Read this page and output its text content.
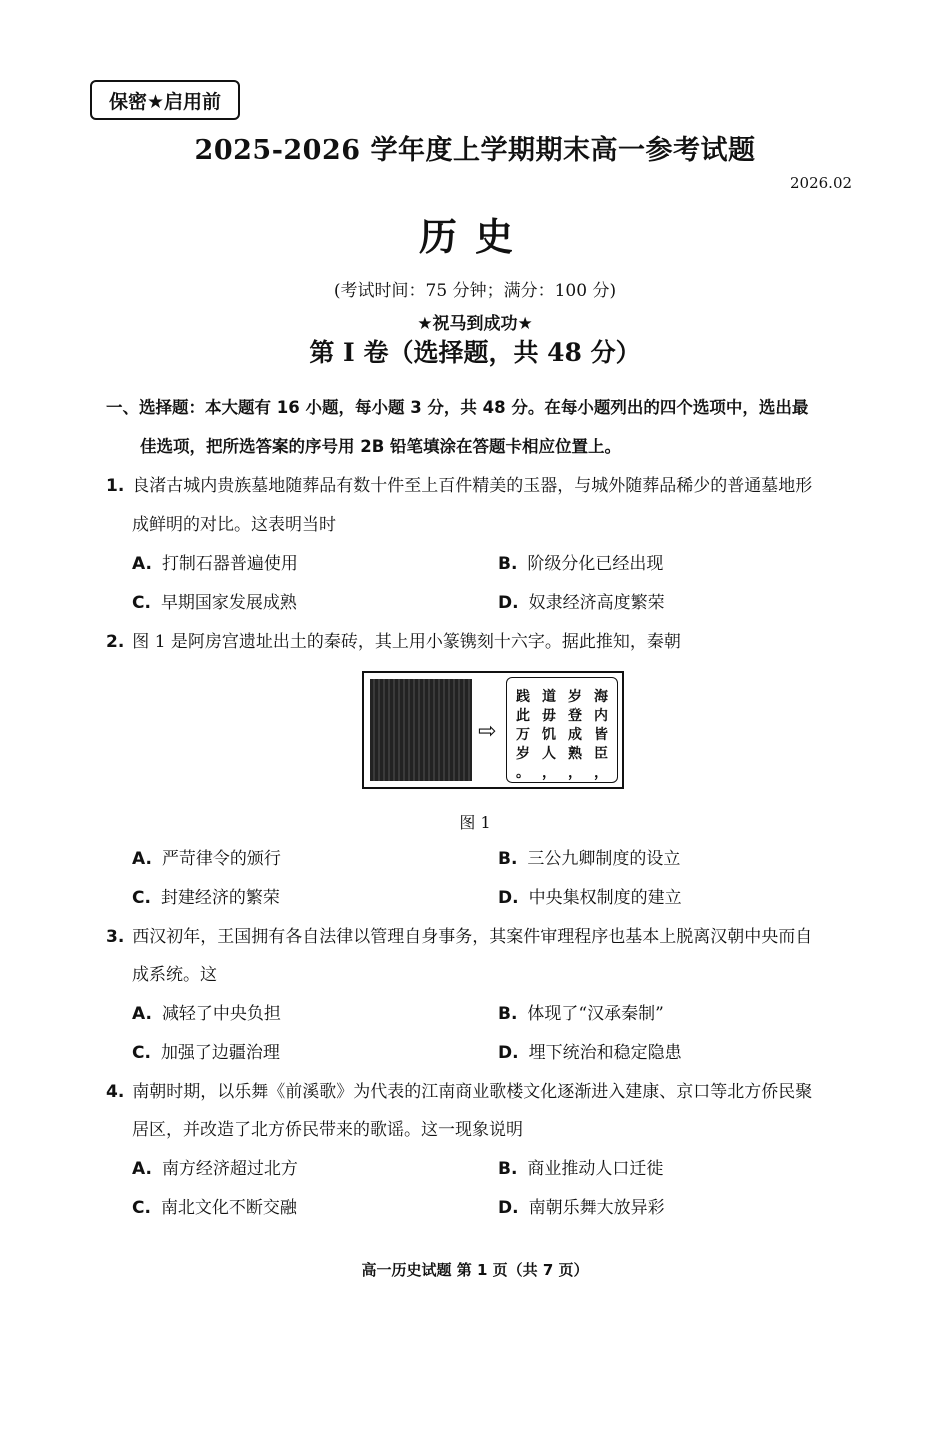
保密★启用前
2025-2026 学年度上学期期末高一参考试题
2026.02
历史
(考试时间：75 分钟；满分：100 分)
★祝马到成功★
第 I 卷（选择题，共 48 分）
一、选择题：本大题有 16 小题，每小题 3 分，共 48 分。在每小题列出的四个选项中，选出最
佳选项，把所选答案的序号用 2B 铅笔填涂在答题卡相应位置上。
1. 良渚古城内贵族墓地随葬品有数十件至上百件精美的玉器，与城外随葬品稀少的普通墓地形
成鲜明的对比。这表明当时
A. 打制石器普遍使用	B. 阶级分化已经出现
C. 早期国家发展成熟	D. 奴隶经济高度繁荣
2. 图 1 是阿房宫遗址出土的秦砖，其上用小篆镌刻十六字。据此推知，秦朝
⇨
海
内
皆
臣
，
岁
登
成
熟
，
道
毋
饥
人
，
践
此
万
岁
。
图 1
A. 严苛律令的颁行	B. 三公九卿制度的设立
C. 封建经济的繁荣	D. 中央集权制度的建立
3. 西汉初年，王国拥有各自法律以管理自身事务，其案件审理程序也基本上脱离汉朝中央而自
成系统。这
A. 减轻了中央负担	B. 体现了“汉承秦制”
C. 加强了边疆治理	D. 埋下统治和稳定隐患
4. 南朝时期，以乐舞《前溪歌》为代表的江南商业歌楼文化逐渐进入建康、京口等北方侨民聚
居区，并改造了北方侨民带来的歌谣。这一现象说明
A. 南方经济超过北方	B. 商业推动人口迁徙
C. 南北文化不断交融	D. 南朝乐舞大放异彩
高一历史试题 第 1 页（共 7 页）
